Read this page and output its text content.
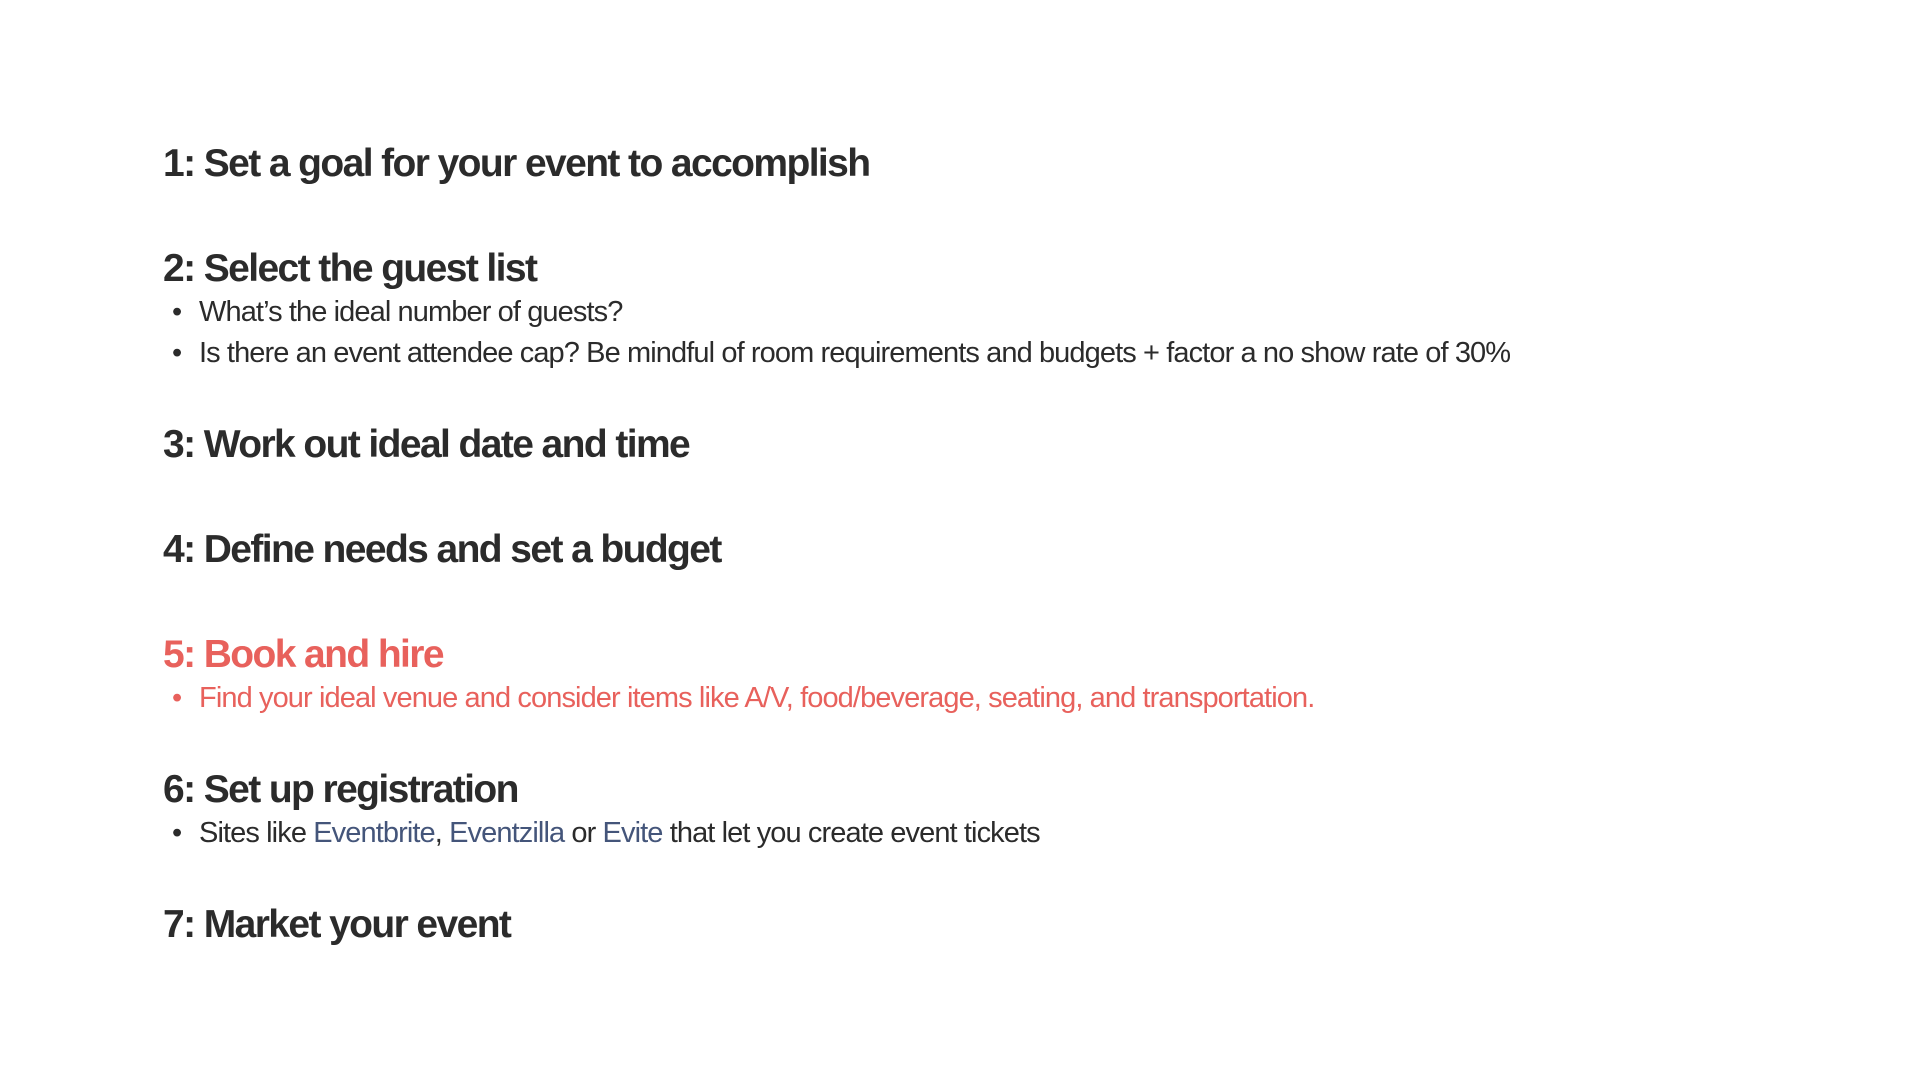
1: Set a goal for your event to accomplish
2: Select the guest list
• What’s the ideal number of guests?
• Is there an event attendee cap? Be mindful of room requirements and budgets + factor a no show rate of 30%
3: Work out ideal date and time
4: Define needs and set a budget
5: Book and hire
• Find your ideal venue and consider items like A/V, food/beverage, seating, and transportation.
6: Set up registration
• Sites like Eventbrite, Eventzilla or Evite that let you create event tickets
7: Market your event
